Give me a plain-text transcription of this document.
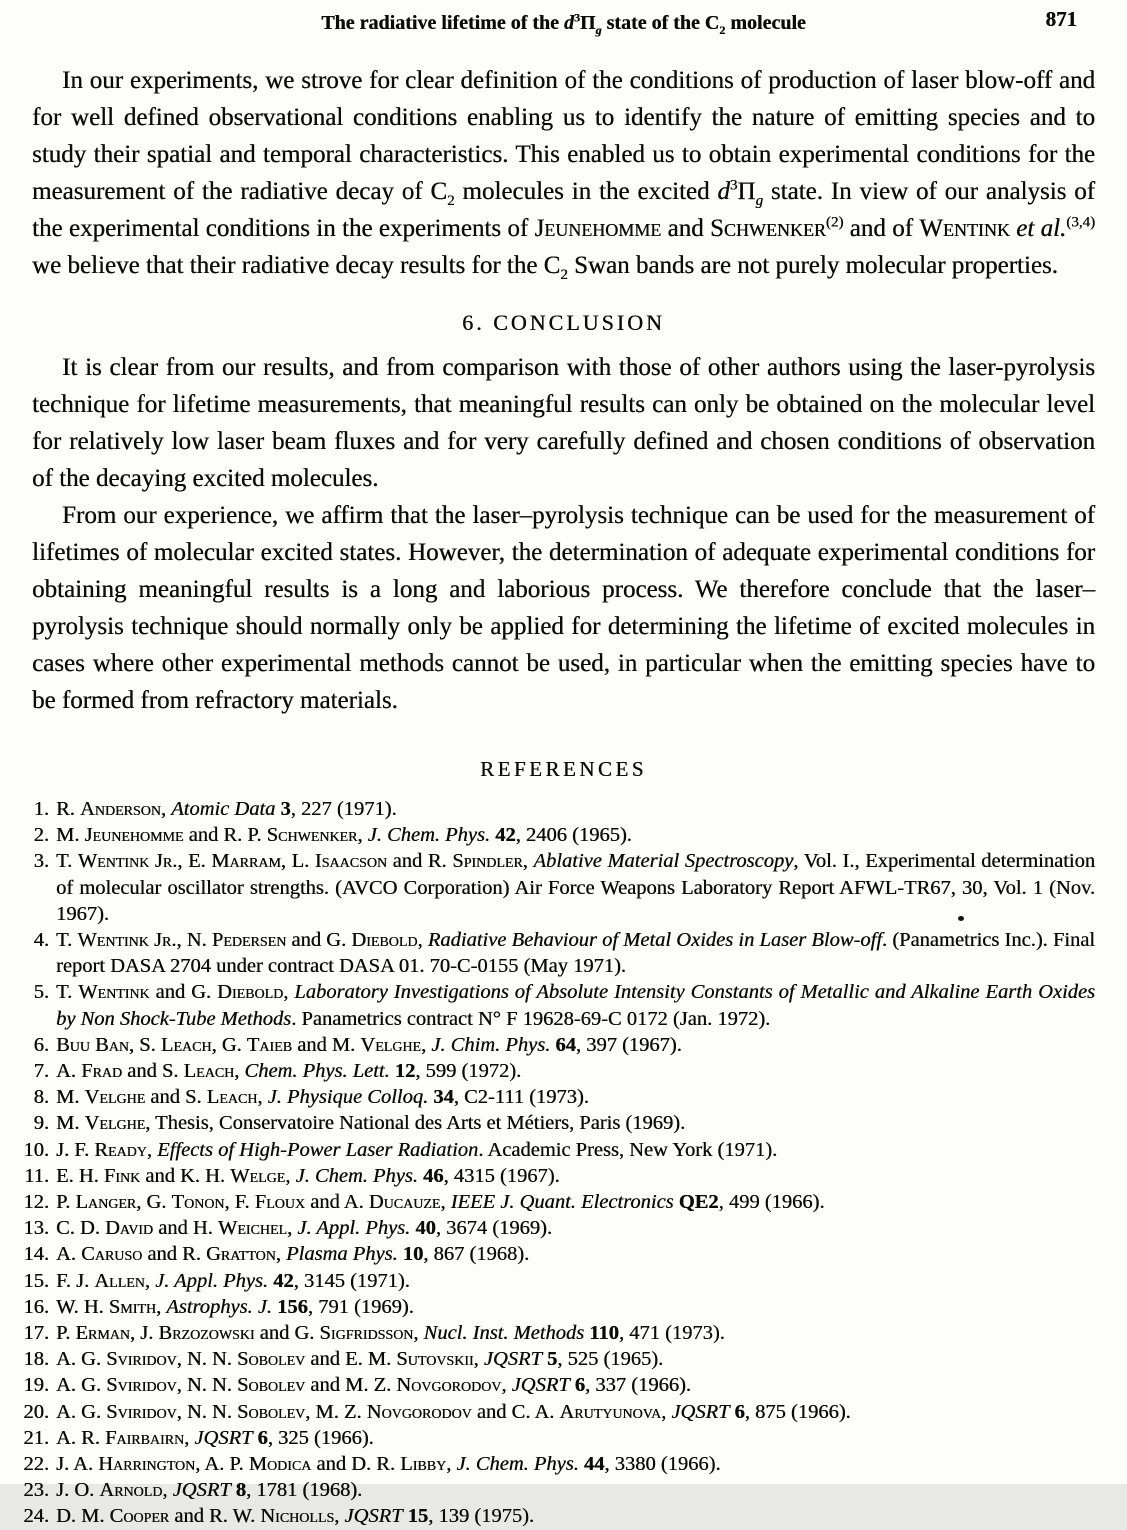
The radiative lifetime of the $d^3\Pi_g$ state of the $C_2$ molecule	871

In our experiments, we strove for clear definition of the conditions of production of laser blow-off and for well defined observational conditions enabling us to identify the nature of emitting species and to study their spatial and temporal characteristics. This enabled us to obtain experimental conditions for the measurement of the radiative decay of $C_2$ molecules in the excited $d^3\Pi_g$ state. In view of our analysis of the experimental conditions in the experiments of Jeunehomme and Schwenker$^{(2)}$ and of Wentink et al.$^{(3,4)}$ we believe that their radiative decay results for the $C_2$ Swan bands are not purely molecular properties.

6. CONCLUSION

It is clear from our results, and from comparison with those of other authors using the laser-pyrolysis technique for lifetime measurements, that meaningful results can only be obtained on the molecular level for relatively low laser beam fluxes and for very carefully defined and chosen conditions of observation of the decaying excited molecules.

From our experience, we affirm that the laser–pyrolysis technique can be used for the measurement of lifetimes of molecular excited states. However, the determination of adequate experimental conditions for obtaining meaningful results is a long and laborious process. We therefore conclude that the laser–pyrolysis technique should normally only be applied for determining the lifetime of excited molecules in cases where other experimental methods cannot be used, in particular when the emitting species have to be formed from refractory materials.

REFERENCES
1. R. Anderson, Atomic Data 3, 227 (1971).
2. M. Jeunehomme and R. P. Schwenker, J. Chem. Phys. 42, 2406 (1965).
3. T. Wentink Jr., E. Marram, L. Isaacson and R. Spindler, Ablative Material Spectroscopy, Vol. I., Experimental determination of molecular oscillator strengths. (AVCO Corporation) Air Force Weapons Laboratory Report AFWL-TR67, 30, Vol. 1 (Nov. 1967).
4. T. Wentink Jr., N. Pedersen and G. Diebold, Radiative Behaviour of Metal Oxides in Laser Blow-off. (Panametrics Inc.). Final report DASA 2704 under contract DASA 01. 70-C-0155 (May 1971).
5. T. Wentink and G. Diebold, Laboratory Investigations of Absolute Intensity Constants of Metallic and Alkaline Earth Oxides by Non Shock-Tube Methods. Panametrics contract N° F 19628-69-C 0172 (Jan. 1972).
6. Buu Ban, S. Leach, G. Taieb and M. Velghe, J. Chim. Phys. 64, 397 (1967).
7. A. Frad and S. Leach, Chem. Phys. Lett. 12, 599 (1972).
8. M. Velghe and S. Leach, J. Physique Colloq. 34, C2-111 (1973).
9. M. Velghe, Thesis, Conservatoire National des Arts et Métiers, Paris (1969).
10. J. F. Ready, Effects of High-Power Laser Radiation. Academic Press, New York (1971).
11. E. H. Fink and K. H. Welge, J. Chem. Phys. 46, 4315 (1967).
12. P. Langer, G. Tonon, F. Floux and A. Ducauze, IEEE J. Quant. Electronics QE2, 499 (1966).
13. C. D. David and H. Weichel, J. Appl. Phys. 40, 3674 (1969).
14. A. Caruso and R. Gratton, Plasma Phys. 10, 867 (1968).
15. F. J. Allen, J. Appl. Phys. 42, 3145 (1971).
16. W. H. Smith, Astrophys. J. 156, 791 (1969).
17. P. Erman, J. Brzozowski and G. Sigfridsson, Nucl. Inst. Methods 110, 471 (1973).
18. A. G. Sviridov, N. N. Sobolev and E. M. Sutovskii, JQSRT 5, 525 (1965).
19. A. G. Sviridov, N. N. Sobolev and M. Z. Novgorodov, JQSRT 6, 337 (1966).
20. A. G. Sviridov, N. N. Sobolev, M. Z. Novgorodov and C. A. Arutyunova, JQSRT 6, 875 (1966).
21. A. R. Fairbairn, JQSRT 6, 325 (1966).
22. J. A. Harrington, A. P. Modica and D. R. Libby, J. Chem. Phys. 44, 3380 (1966).
23. J. O. Arnold, JQSRT 8, 1781 (1968).
24. D. M. Cooper and R. W. Nicholls, JQSRT 15, 139 (1975).
